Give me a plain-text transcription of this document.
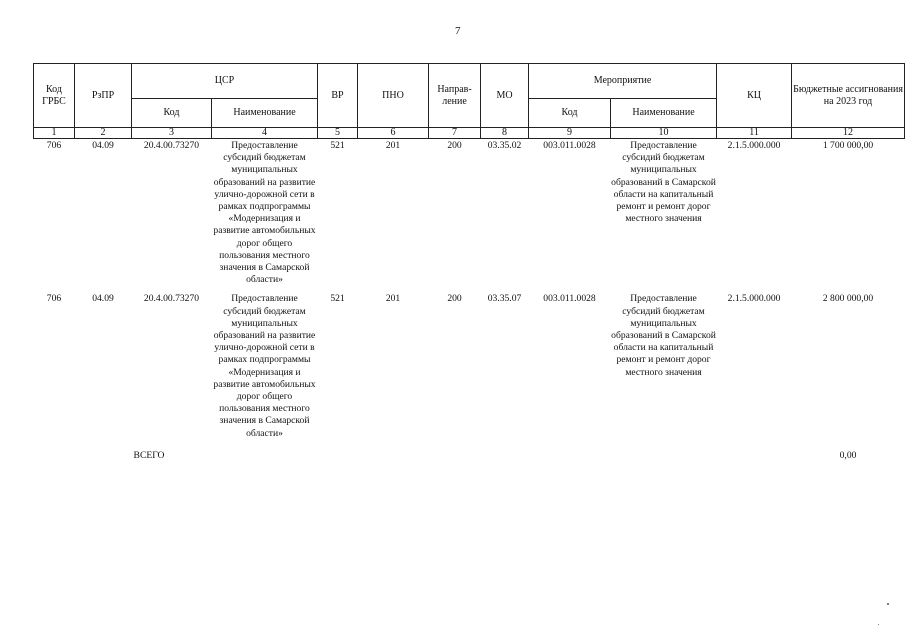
7
Код ГРБС	РзПР	ЦСР		ВР	ПНО	Направ-ление	МО	Мероприятие		КЦ	Бюджетные ассигнования на 2023 год
		Код	Наименование					Код	Наименование		
1	2	3	4	5	6	7	8	9	10	11	12
706	04.09	20.4.00.73270	Предоставление субсидий бюджетам муниципальных образований на развитие улично-дорожной сети в рамках подпрограммы «Модернизация и развитие автомобильных дорог общего пользования местного значения в Самарской области»	521	201	200	03.35.02	003.011.0028	Предоставление субсидий бюджетам муниципальных образований в Самарской области на капитальный ремонт и ремонт дорог местного значения	2.1.5.000.000	1 700 000,00
706	04.09	20.4.00.73270	Предоставление субсидий бюджетам муниципальных образований на развитие улично-дорожной сети в рамках подпрограммы «Модернизация и развитие автомобильных дорог общего пользования местного значения в Самарской области»	521	201	200	03.35.07	003.011.0028	Предоставление субсидий бюджетам муниципальных образований в Самарской области на капитальный ремонт и ремонт дорог местного значения	2.1.5.000.000	2 800 000,00
	ВСЕГО										0,00
